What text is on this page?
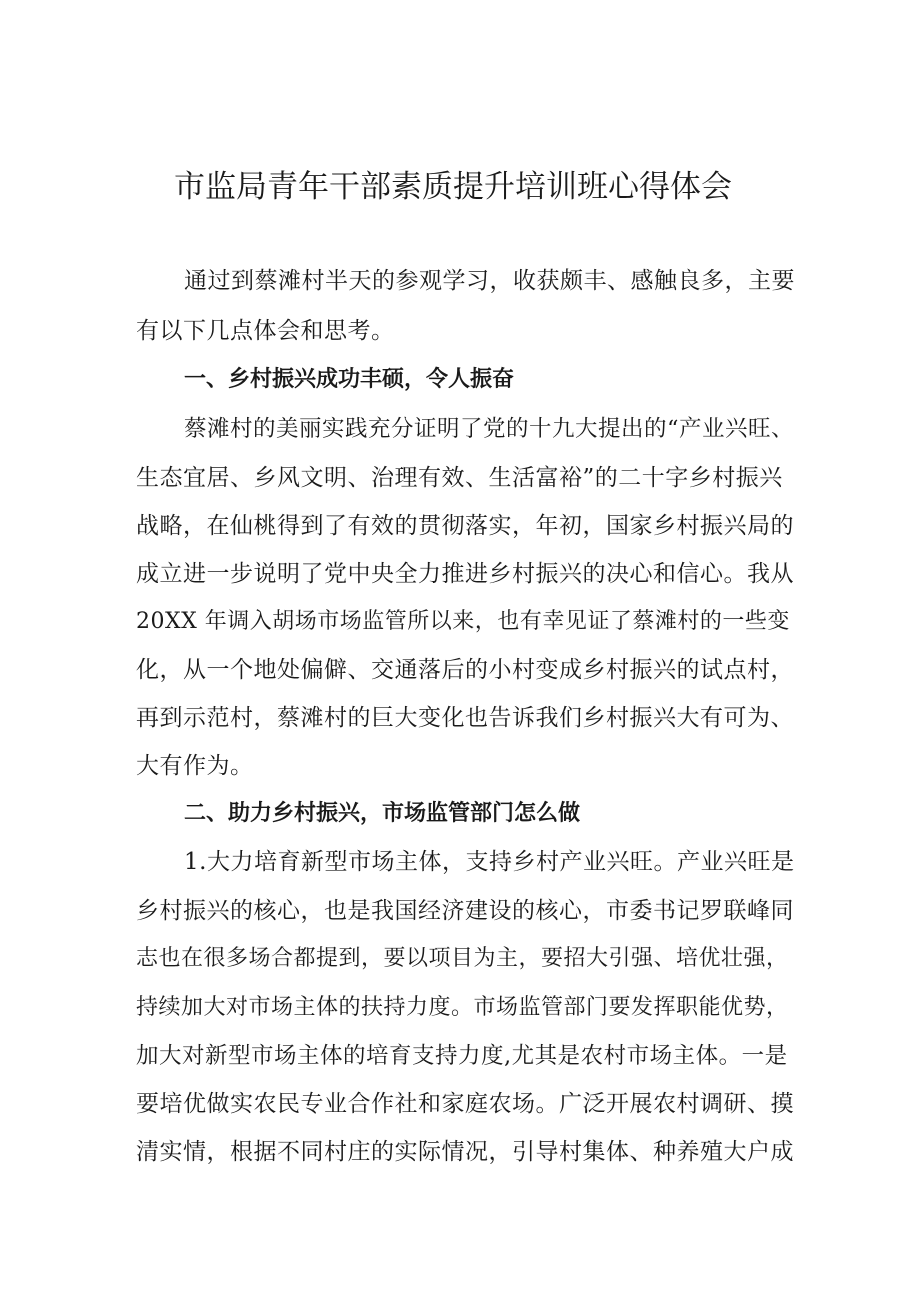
市监局青年干部素质提升培训班心得体会
通过到蔡滩村半天的参观学习，收获颇丰、感触良多，主要
有以下几点体会和思考。
一、乡村振兴成功丰硕，令人振奋
蔡滩村的美丽实践充分证明了党的十九大提出的“产业兴旺、
生态宜居、乡风文明、治理有效、生活富裕”的二十字乡村振兴
战略，在仙桃得到了有效的贯彻落实，年初，国家乡村振兴局的
成立进一步说明了党中央全力推进乡村振兴的决心和信心。我从
20XX 年调入胡场市场监管所以来，也有幸见证了蔡滩村的一些变
化，从一个地处偏僻、交通落后的小村变成乡村振兴的试点村，
再到示范村，蔡滩村的巨大变化也告诉我们乡村振兴大有可为、
大有作为。
二、助力乡村振兴，市场监管部门怎么做
1.大力培育新型市场主体，支持乡村产业兴旺。产业兴旺是
乡村振兴的核心，也是我国经济建设的核心，市委书记罗联峰同
志也在很多场合都提到，要以项目为主，要招大引强、培优壮强，
持续加大对市场主体的扶持力度。市场监管部门要发挥职能优势，
加大对新型市场主体的培育支持力度,尤其是农村市场主体。一是
要培优做实农民专业合作社和家庭农场。广泛开展农村调研、摸
清实情，根据不同村庄的实际情况，引导村集体、种养殖大户成
